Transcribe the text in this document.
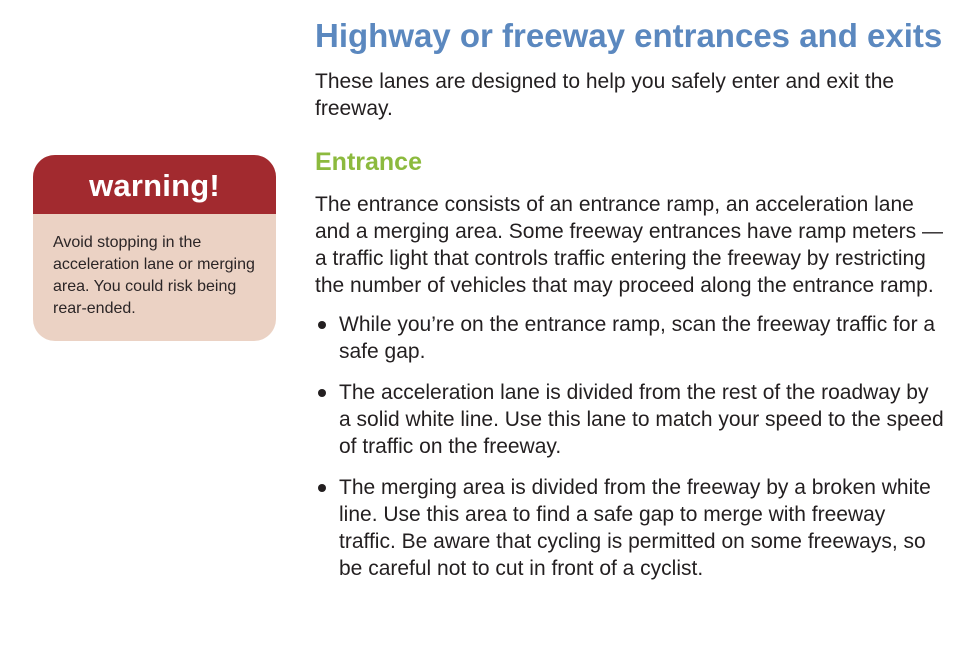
warning!
Avoid stopping in the acceleration lane or merging area. You could risk being rear-ended.
Highway or freeway entrances and exits

These lanes are designed to help you safely enter and exit the freeway.

Entrance

The entrance consists of an entrance ramp, an acceleration lane and a merging area. Some freeway entrances have ramp meters — a traffic light that controls traffic entering the freeway by restricting the number of vehicles that may proceed along the entrance ramp.

While you’re on the entrance ramp, scan the freeway traffic for a safe gap.
The acceleration lane is divided from the rest of the roadway by a solid white line. Use this lane to match your speed to the speed of traffic on the freeway.
The merging area is divided from the freeway by a broken white line. Use this area to find a safe gap to merge with freeway traffic. Be aware that cycling is permitted on some freeways, so be careful not to cut in front of a cyclist.
